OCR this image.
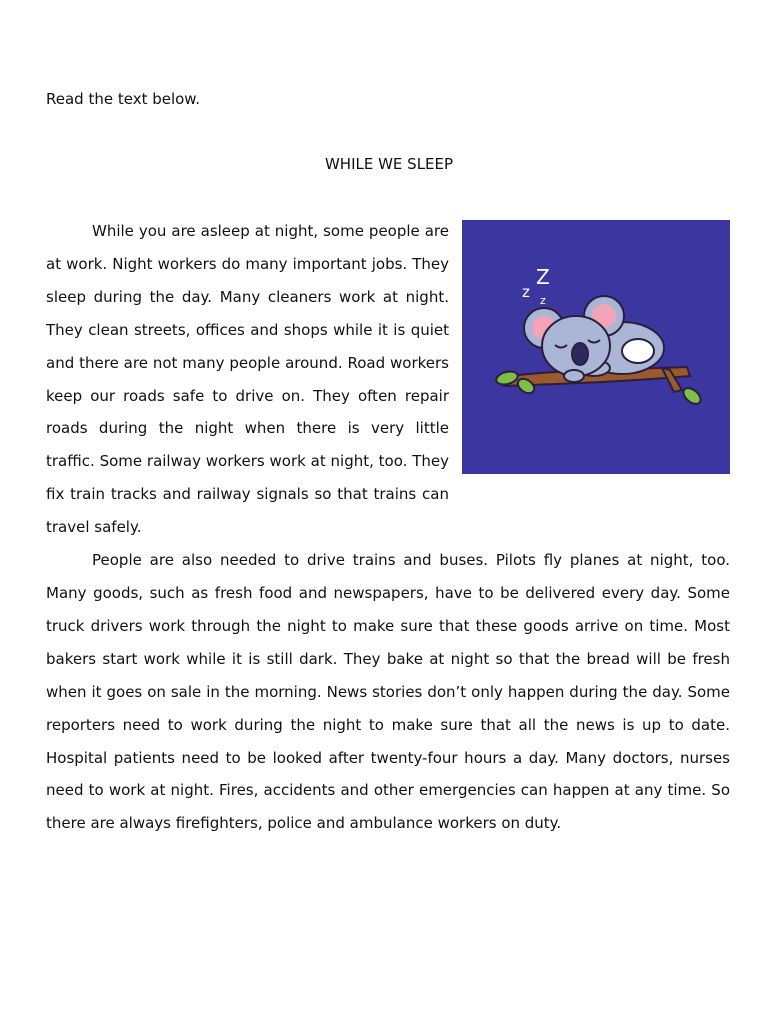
Read the text below.

WHILE WE SLEEP
z
Z
z

While you are asleep at night, some people are at work. Night workers do many important jobs. They sleep during the day. Many cleaners work at night. They clean streets, offices and shops while it is quiet and there are not many people around. Road workers keep our roads safe to drive on. They often repair roads during the night when there is very little traffic. Some railway workers work at night, too. They fix train tracks and railway signals so that trains can travel safely.

People are also needed to drive trains and buses. Pilots fly planes at night, too. Many goods, such as fresh food and newspapers, have to be delivered every day. Some truck drivers work through the night to make sure that these goods arrive on time. Most bakers start work while it is still dark. They bake at night so that the bread will be fresh when it goes on sale in the morning. News stories don’t only happen during the day. Some reporters need to work during the night to make sure that all the news is up to date. Hospital patients need to be looked after twenty-four hours a day. Many doctors, nurses need to work at night. Fires, accidents and other emergencies can happen at any time. So there are always firefighters, police and ambulance workers on duty.
